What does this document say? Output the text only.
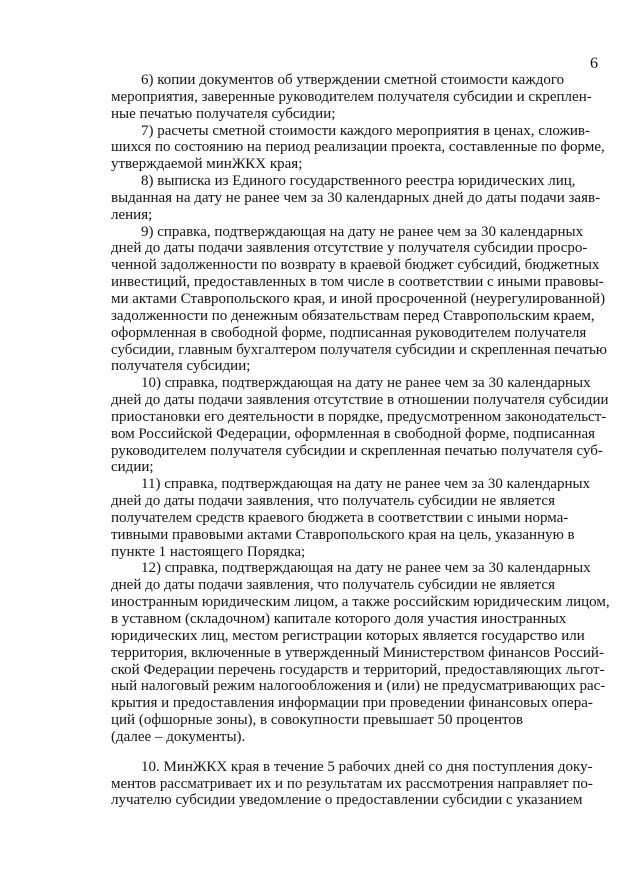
6

6) копии документов об утверждении сметной стоимости каждого
мероприятия, заверенные руководителем получателя субсидии и скреплен-
ные печатью получателя субсидии;

7) расчеты сметной стоимости каждого мероприятия в ценах, сложив-
шихся по состоянию на период реализации проекта, составленные по форме,
утверждаемой минЖКХ края;

8) выписка из Единого государственного реестра юридических лиц,
выданная на дату не ранее чем за 30 календарных дней до даты подачи заяв-
ления;

9) справка, подтверждающая на дату не ранее чем за 30 календарных
дней до даты подачи заявления отсутствие у получателя субсидии просро-
ченной задолженности по возврату в краевой бюджет субсидий, бюджетных
инвестиций, предоставленных в том числе в соответствии с иными правовы-
ми актами Ставропольского края, и иной просроченной (неурегулированной)
задолженности по денежным обязательствам перед Ставропольским краем,
оформленная в свободной форме, подписанная руководителем получателя
субсидии, главным бухгалтером получателя субсидии и скрепленная печатью
получателя субсидии;

10) справка, подтверждающая на дату не ранее чем за 30 календарных
дней до даты подачи заявления отсутствие в отношении получателя субсидии
приостановки его деятельности в порядке, предусмотренном законодательст-
вом Российской Федерации, оформленная в свободной форме, подписанная
руководителем получателя субсидии и скрепленная печатью получателя суб-
сидии;

11) справка, подтверждающая на дату не ранее чем за 30 календарных
дней до даты подачи заявления, что получатель субсидии не является
получателем средств краевого бюджета в соответствии с иными норма-
тивными правовыми актами Ставропольского края на цель, указанную в
пункте 1 настоящего Порядка;

12) справка, подтверждающая на дату не ранее чем за 30 календарных
дней до даты подачи заявления, что получатель субсидии не является
иностранным юридическим лицом, а также российским юридическим лицом,
в уставном (складочном) капитале которого доля участия иностранных
юридических лиц, местом регистрации которых является государство или
территория, включенные в утвержденный Министерством финансов Россий-
ской Федерации перечень государств и территорий, предоставляющих льгот-
ный налоговый режим налогообложения и (или) не предусматривающих рас-
крытия и предоставления информации при проведении финансовых опера-
ций (офшорные зоны), в совокупности превышает 50 процентов
(далее – документы).

10. МинЖКХ края в течение 5 рабочих дней со дня поступления доку-
ментов рассматривает их и по результатам их рассмотрения направляет по-
лучателю субсидии уведомление о предоставлении субсидии с указанием
